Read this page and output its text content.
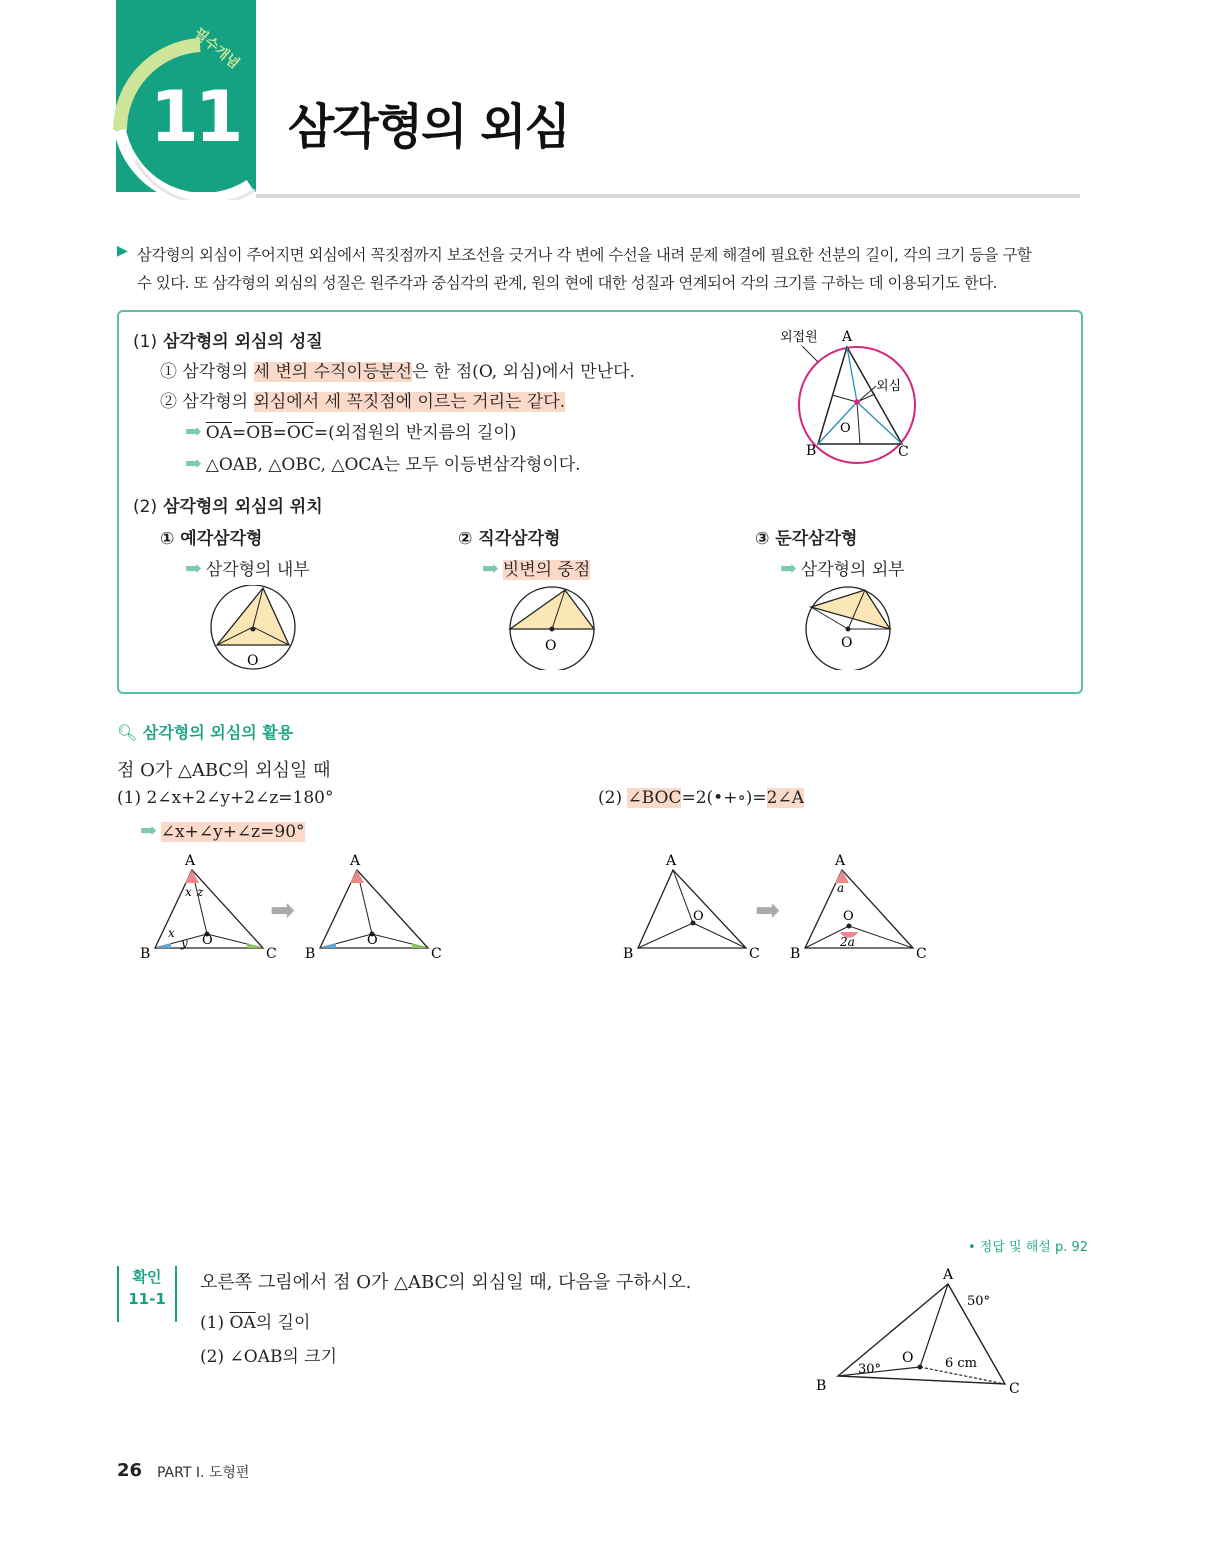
필수개념
11 삼각형의 외심
▶ 삼각형의 외심이 주어지면 외심에서 꼭짓점까지 보조선을 긋거나 각 변에 수선을 내려 문제 해결에 필요한 선분의 길이, 각의 크기 등을 구할
수 있다. 또 삼각형의 외심의 성질은 원주각과 중심각의 관계, 원의 현에 대한 성질과 연계되어 각의 크기를 구하는 데 이용되기도 한다.
(1) 삼각형의 외심의 성질
① 삼각형의 세 변의 수직이등분선은 한 점(O, 외심)에서 만난다.
② 삼각형의 외심에서 세 꼭짓점에 이르는 거리는 같다.
➡ $\overline{OA}=\overline{OB}=\overline{OC}=$(외접원의 반지름의 길이)
➡ △OAB, △OBC, △OCA는 모두 이등변삼각형이다.
A
B	C
O
외접원
외심
(2) 삼각형의 외심의 위치
① 예각삼각형
➡ 삼각형의 내부
② 직각삼각형
➡ 빗변의 중점
③ 둔각삼각형
➡ 삼각형의 외부
O
O	O
🔍︎ 삼각형의 외심의 활용
점 O가 △ABC의 외심일 때
(1) 2∠x+2∠y+2∠z=180°
➡ ∠x+∠y+∠z=90°
(2) ∠BOC=2(•+∘)=2∠A
A
B	C
O
x z
x
y
➡
A
B	C
O
A
B	C
O ➡
A
B	C
O
a
2a
• 정답 및 해설 p. 92
확인
11-1
오른쪽 그림에서 점 O가 △ABC의 외심일 때, 다음을 구하시오.
(1) $\overline{OA}$의 길이
(2) ∠OAB의 크기
A
B	C
O
50°
30°	6 cm
26 PART I. 도형편
